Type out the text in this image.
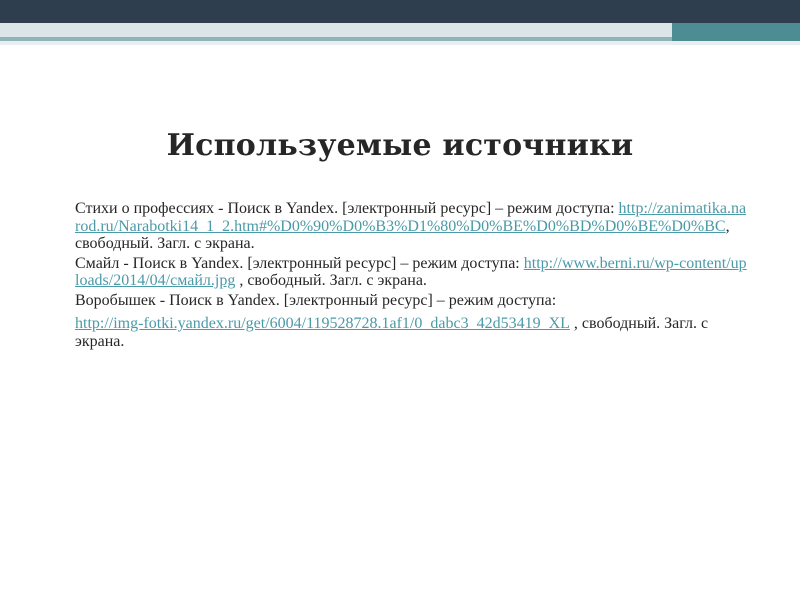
Используемые источники

Стихи о профессиях - Поиск в Yandex. [электронный ресурс] – режим доступа: http://zanimatika.narod.ru/Narabotki14_1_2.htm#%D0%90%D0%B3%D1%80%D0%BE%D0%BD%D0%BE%D0%BC, свободный. Загл. с экрана.

Смайл - Поиск в Yandex. [электронный ресурс] – режим доступа: http://www.berni.ru/wp-content/uploads/2014/04/смайл.jpg , свободный. Загл. с экрана.

Воробышек - Поиск в Yandex. [электронный ресурс] – режим доступа: http://img-fotki.yandex.ru/get/6004/119528728.1af1/0_dabc3_42d53419_XL , свободный. Загл. с экрана.
